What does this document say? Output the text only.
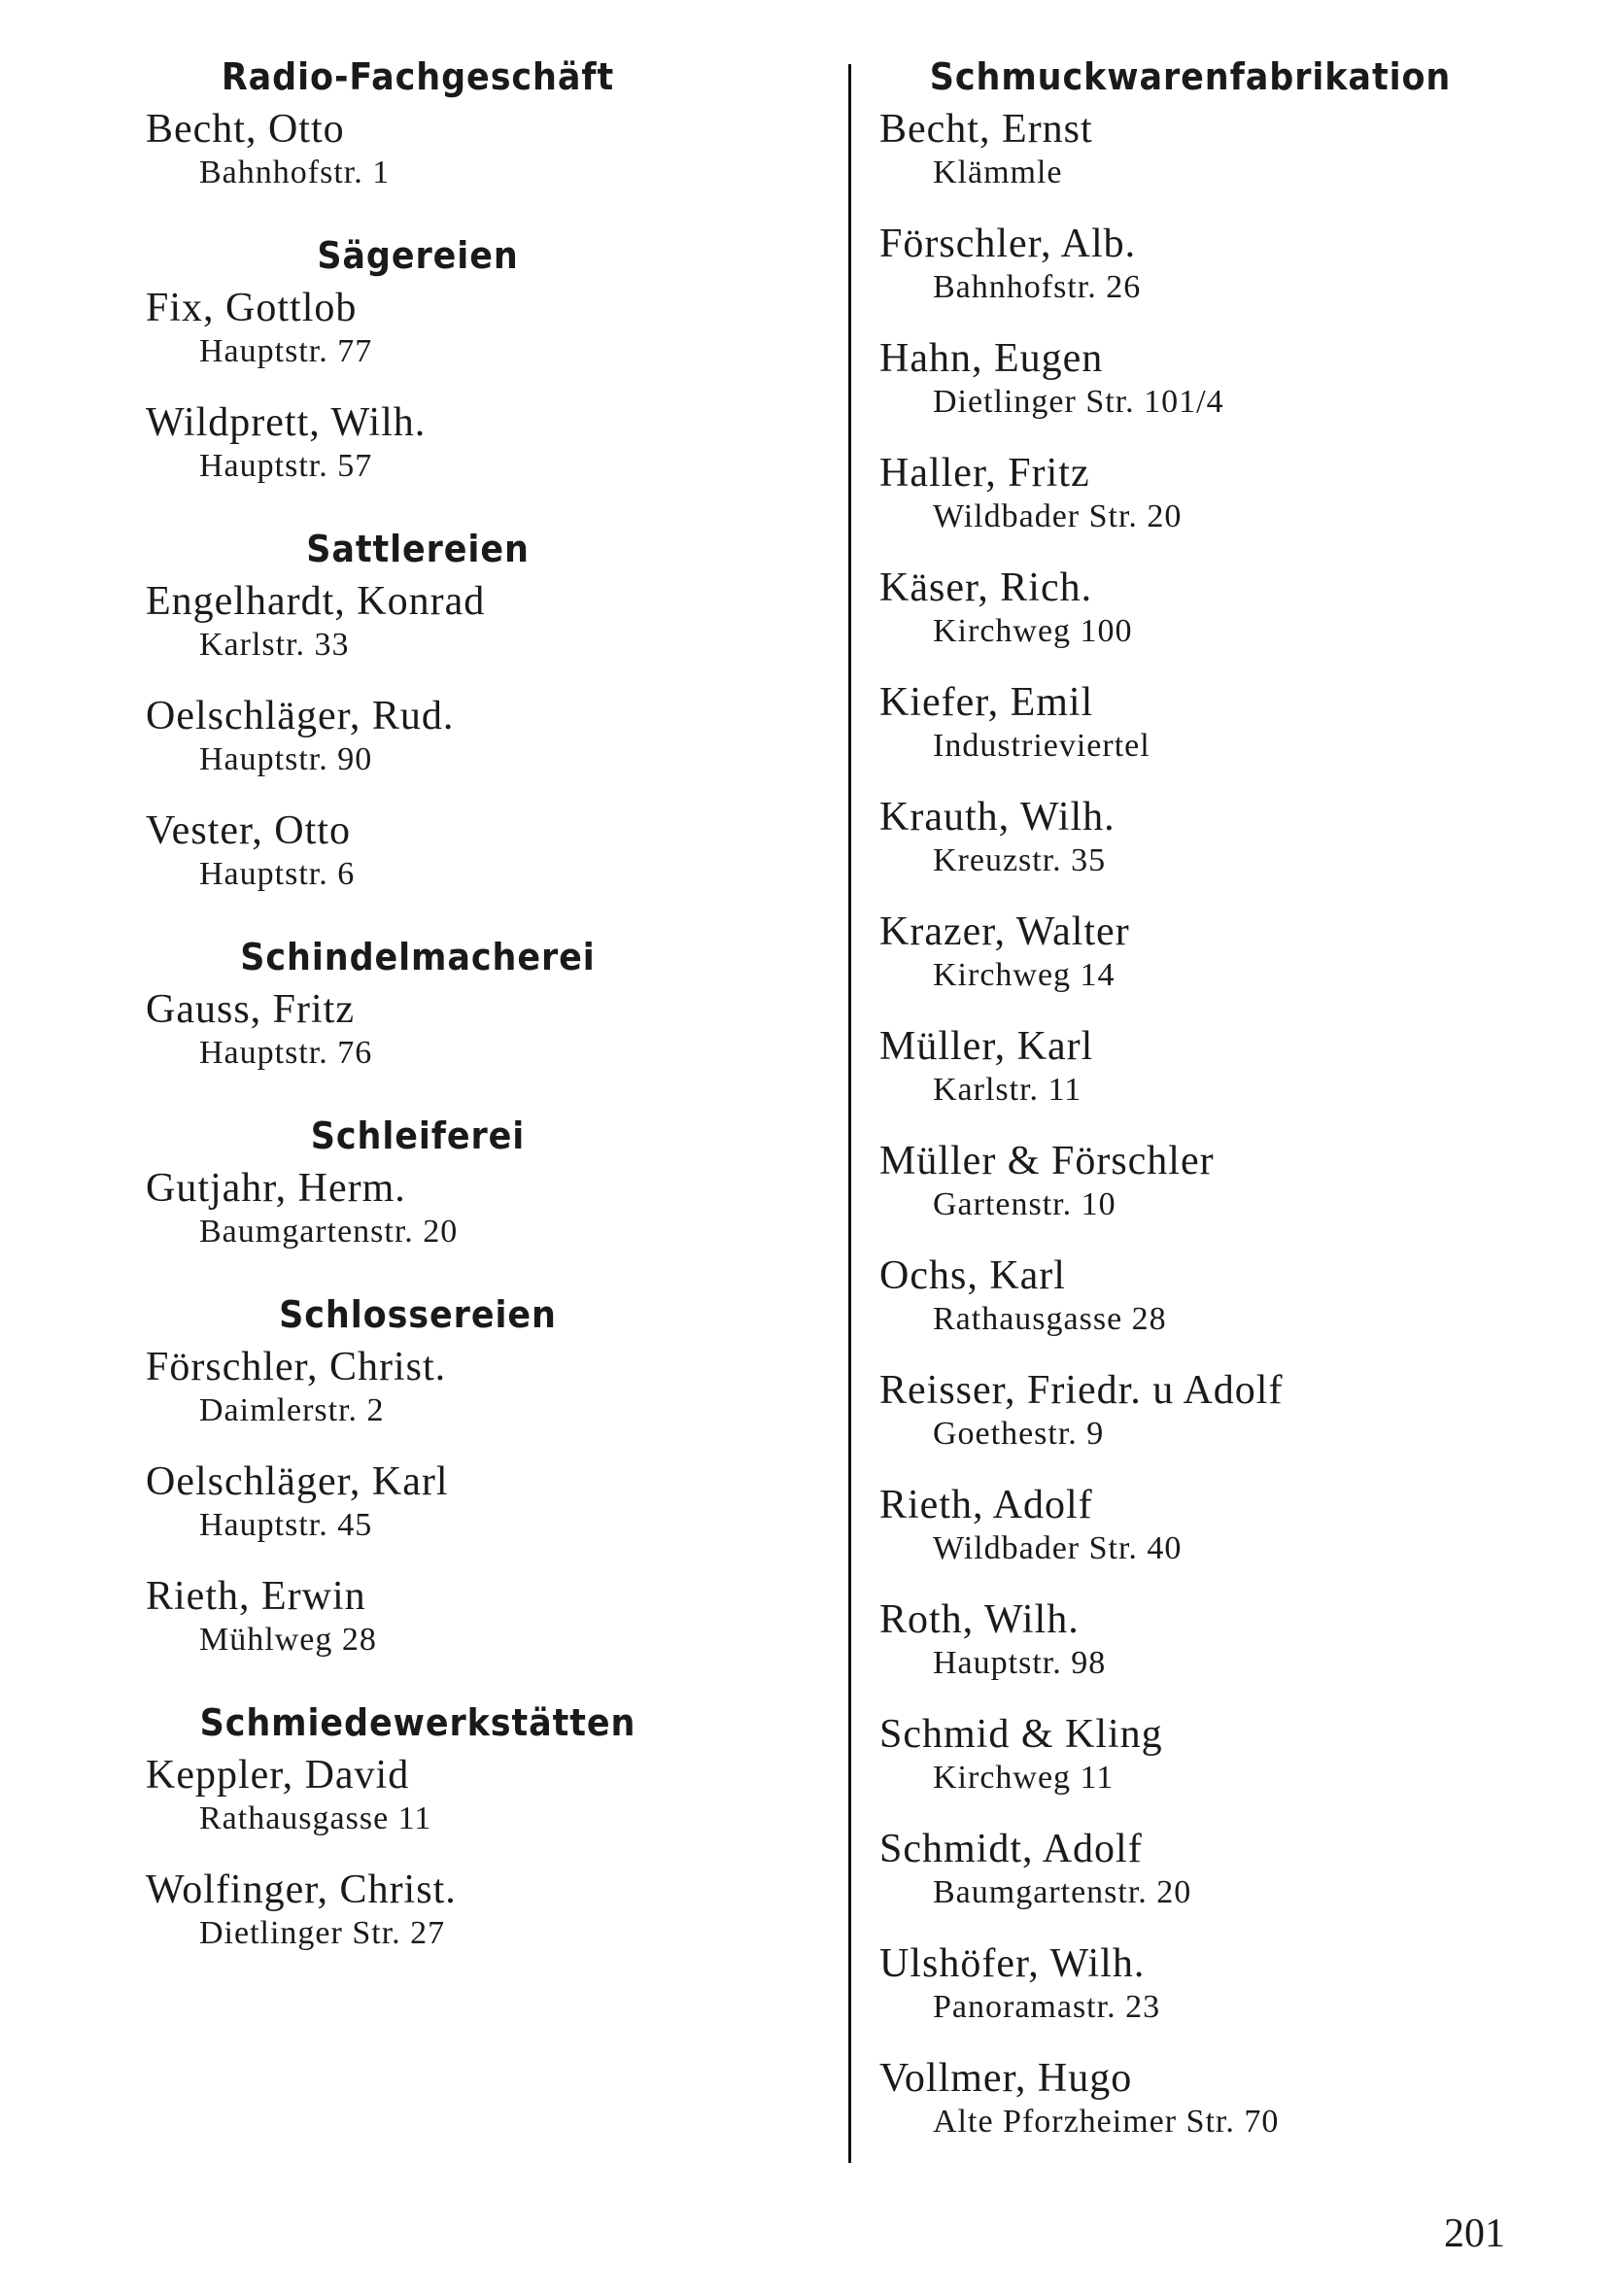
Radio-Fachgeschäft
Becht, Otto
Bahnhofstr. 1
Sägereien
Fix, Gottlob
Hauptstr. 77
Wildprett, Wilh.
Hauptstr. 57
Sattlereien
Engelhardt, Konrad
Karlstr. 33
Oelschläger, Rud.
Hauptstr. 90
Vester, Otto
Hauptstr. 6
Schindelmacherei
Gauss, Fritz
Hauptstr. 76
Schleiferei
Gutjahr, Herm.
Baumgartenstr. 20
Schlossereien
Förschler, Christ.
Daimlerstr. 2
Oelschläger, Karl
Hauptstr. 45
Rieth, Erwin
Mühlweg 28
Schmiedewerkstätten
Keppler, David
Rathausgasse 11
Wolfinger, Christ.
Dietlinger Str. 27
Schmuckwarenfabrikation
Becht, Ernst
Klämmle
Förschler, Alb.
Bahnhofstr. 26
Hahn, Eugen
Dietlinger Str. 101/4
Haller, Fritz
Wildbader Str. 20
Käser, Rich.
Kirchweg 100
Kiefer, Emil
Industrieviertel
Krauth, Wilh.
Kreuzstr. 35
Krazer, Walter
Kirchweg 14
Müller, Karl
Karlstr. 11
Müller & Förschler
Gartenstr. 10
Ochs, Karl
Rathausgasse 28
Reisser, Friedr. u Adolf
Goethestr. 9
Rieth, Adolf
Wildbader Str. 40
Roth, Wilh.
Hauptstr. 98
Schmid & Kling
Kirchweg 11
Schmidt, Adolf
Baumgartenstr. 20
Ulshöfer, Wilh.
Panoramastr. 23
Vollmer, Hugo
Alte Pforzheimer Str. 70
201
